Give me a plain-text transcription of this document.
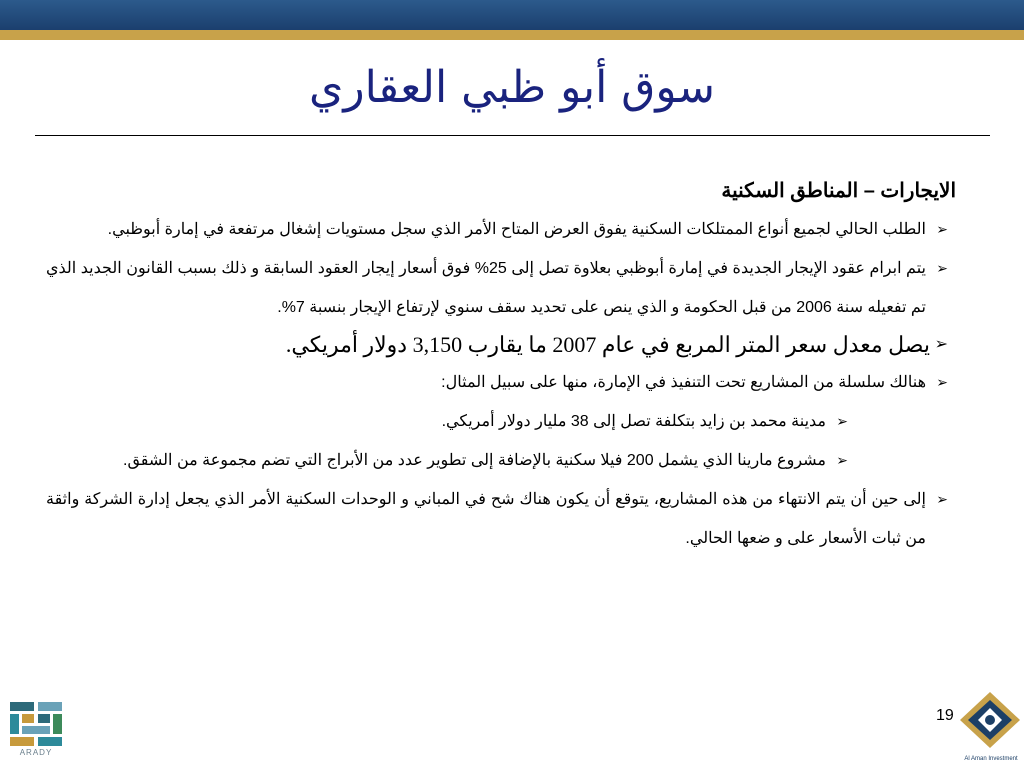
سوق أبو ظبي العقاري
الايجارات – المناطق السكنية
➢
الطلب الحالي لجميع أنواع الممتلكات السكنية يفوق العرض المتاح الأمر الذي سجل مستويات إشغال مرتفعة في إمارة أبوظبي.
➢
يتم ابرام عقود الإيجار الجديدة في إمارة أبوظبي بعلاوة تصل إلى 25% فوق أسعار إيجار العقود السابقة و ذلك بسبب القانون الجديد الذي تم تفعيله سنة 2006 من قبل الحكومة و الذي ينص على تحديد سقف سنوي لإرتفاع الإيجار بنسبة 7%.
➢
يصل معدل سعر المتر المربع في عام 2007 ما يقارب 3,150 دولار أمريكي.
➢
هنالك سلسلة من المشاريع تحت التنفيذ في الإمارة، منها على سبيل المثال:
➢
مدينة محمد بن زايد بتكلفة تصل إلى 38 مليار دولار أمريكي.
➢
مشروع مارينا الذي يشمل 200 فيلا سكنية بالإضافة إلى تطوير عدد من الأبراج التي تضم مجموعة من الشقق.
➢
إلى حين أن يتم الانتهاء من هذه المشاريع، يتوقع أن يكون هناك شح في المباني و الوحدات السكنية الأمر الذي يجعل إدارة الشركة واثقة من ثبات الأسعار على و ضعها الحالي.
ARADY
19
Al Aman Investment
